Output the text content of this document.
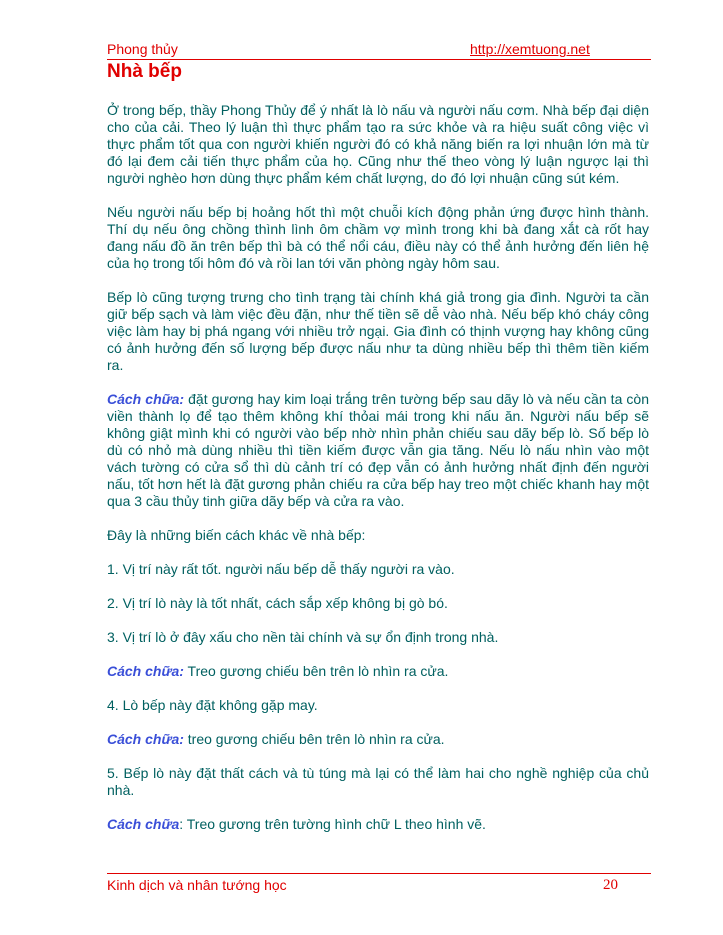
Phong thủy	http://xemtuong.net
Nhà bếp

Ở trong bếp, thầy Phong Thủy để ý nhất là lò nấu và người nấu cơm. Nhà bếp đại diện cho của cải. Theo lý luận thì thực phẩm tạo ra sức khỏe và ra hiệu suất công việc vì thực phẩm tốt qua con người khiến người đó có khả năng biến ra lợi nhuận lớn mà từ đó lại đem cải tiến thực phẩm của họ. Cũng như thế theo vòng lý luận ngược lại thì người nghèo hơn dùng thực phẩm kém chất lượng, do đó lợi nhuận cũng sút kém.

Nếu người nấu bếp bị hoảng hốt thì một chuỗi kích động phản ứng được hình thành. Thí dụ nếu ông chồng thình lình ôm chầm vợ mình trong khi bà đang xắt cà rốt hay đang nấu đồ ăn trên bếp thì bà có thể nổi cáu, điều này có thể ảnh hưởng đến liên hệ của họ trong tối hôm đó và rồi lan tới văn phòng ngày hôm sau.

Bếp lò cũng tượng trưng cho tình trạng tài chính khá giả trong gia đình. Người ta cần giữ bếp sạch và làm việc đều đặn, như thế tiền sẽ dễ vào nhà. Nếu bếp khó cháy công việc làm hay bị phá ngang với nhiều trở ngại. Gia đình có thịnh vượng hay không cũng có ảnh hưởng đến số lượng bếp được nấu như ta dùng nhiều bếp thì thêm tiền kiếm ra.

Cách chữa: đặt gương hay kim loại trắng trên tường bếp sau dãy lò và nếu cần ta còn viền thành lọ để tạo thêm không khí thỏai mái trong khi nấu ăn. Người nấu bếp sẽ không giật mình khi có người vào bếp nhờ nhìn phản chiếu sau dãy bếp lò. Số bếp lò dù có nhỏ mà dùng nhiều thì tiền kiếm được vẫn gia tăng. Nếu lò nấu nhìn vào một vách tường có cửa sổ thì dù cảnh trí có đẹp vẫn có ảnh hưởng nhất định đến người nấu, tốt hơn hết là đặt gương phản chiếu ra cửa bếp hay treo một chiếc khanh hay một qua 3 cầu thủy tinh giữa dãy bếp và cửa ra vào.

Đây là những biến cách khác về nhà bếp:

1. Vị trí này rất tốt. người nấu bếp dễ thấy người ra vào.

2. Vị trí lò này là tốt nhất, cách sắp xếp không bị gò bó.

3. Vị trí lò ở đây xấu cho nền tài chính và sự ổn định trong nhà.

Cách chữa: Treo gương chiếu bên trên lò nhìn ra cửa.

4. Lò bếp này đặt không gặp may.

Cách chữa: treo gương chiếu bên trên lò nhìn ra cửa.

5. Bếp lò này đặt thất cách và tù túng mà lại có thể làm hai cho nghề nghiệp của chủ nhà.

Cách chữa: Treo gương trên tường hình chữ L theo hình vẽ.

Kinh dịch và nhân tướng học	20
